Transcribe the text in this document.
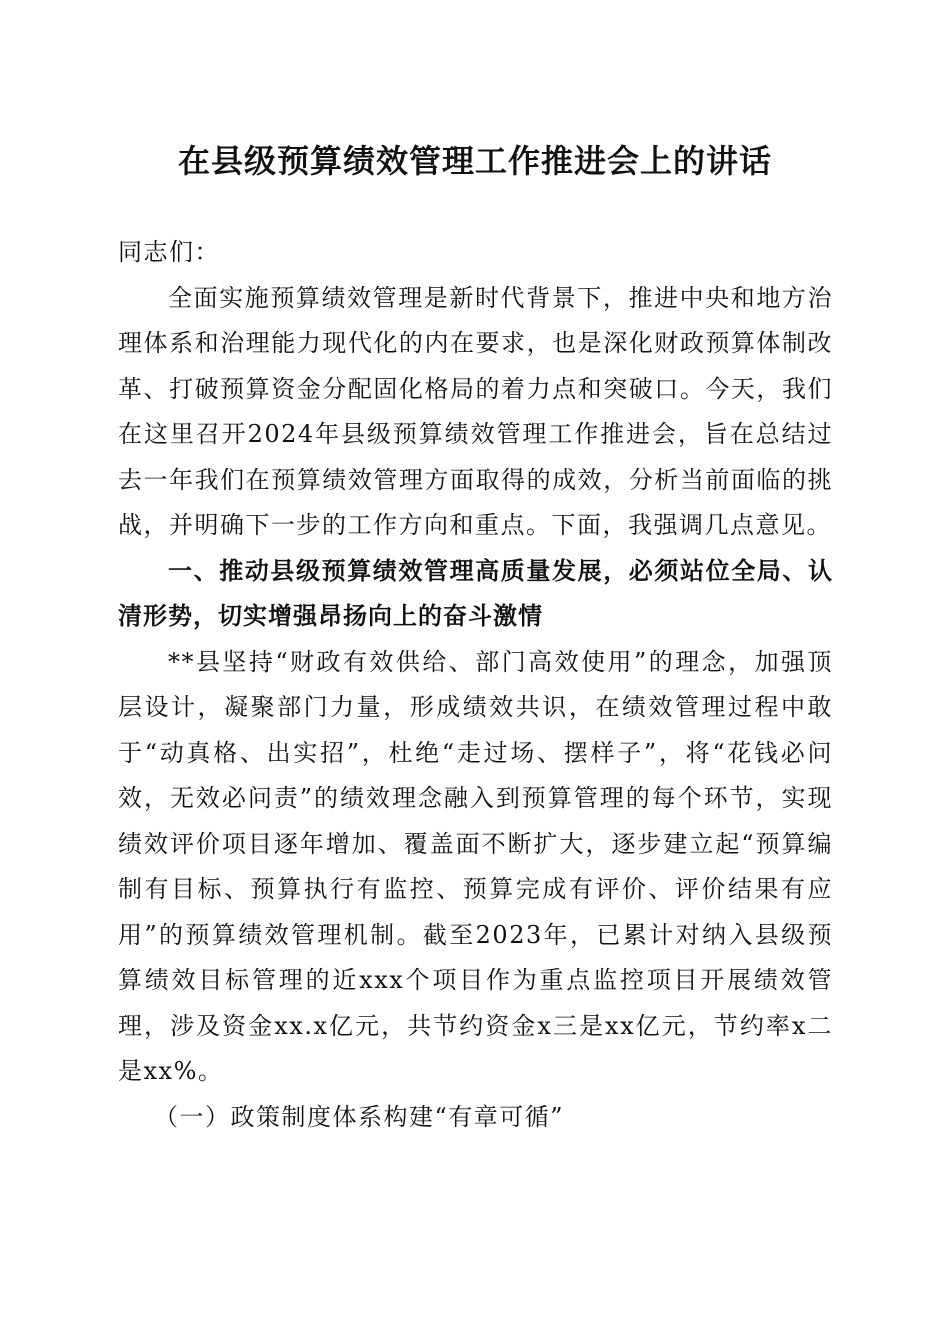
在县级预算绩效管理工作推进会上的讲话

同志们：

全面实施预算绩效管理是新时代背景下，推进中央和地方治理体系和治理能力现代化的内在要求，也是深化财政预算体制改革、打破预算资金分配固化格局的着力点和突破口。今天，我们在这里召开2024年县级预算绩效管理工作推进会，旨在总结过去一年我们在预算绩效管理方面取得的成效，分析当前面临的挑战，并明确下一步的工作方向和重点。下面，我强调几点意见。

一、推动县级预算绩效管理高质量发展，必须站位全局、认清形势，切实增强昂扬向上的奋斗激情

**县坚持“财政有效供给、部门高效使用”的理念，加强顶层设计，凝聚部门力量，形成绩效共识，在绩效管理过程中敢于“动真格、出实招”，杜绝“走过场、摆样子”，将“花钱必问效，无效必问责”的绩效理念融入到预算管理的每个环节，实现绩效评价项目逐年增加、覆盖面不断扩大，逐步建立起“预算编制有目标、预算执行有监控、预算完成有评价、评价结果有应用”的预算绩效管理机制。截至2023年，已累计对纳入县级预算绩效目标管理的近xxx个项目作为重点监控项目开展绩效管理，涉及资金xx.x亿元，共节约资金x三是xx亿元，节约率x二是xx%。

（一）政策制度体系构建“有章可循”
